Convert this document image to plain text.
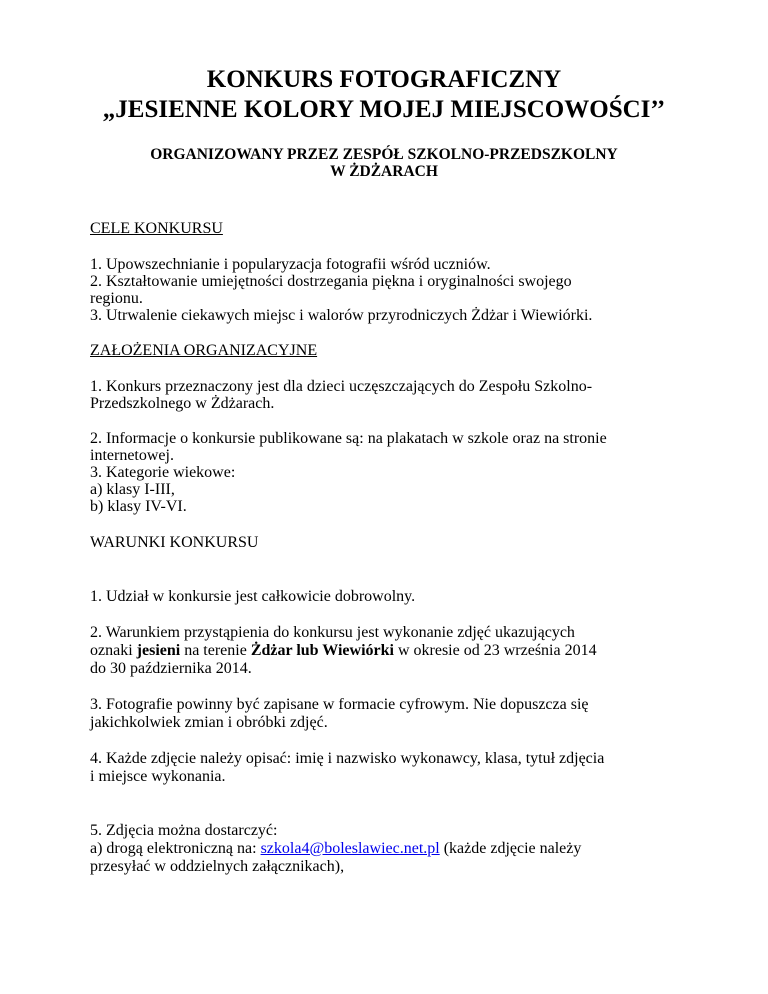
KONKURS FOTOGRAFICZNY
„JESIENNE KOLORY MOJEJ MIEJSCOWOŚCI’’
ORGANIZOWANY PRZEZ ZESPÓŁ SZKOLNO-PRZEDSZKOLNY
W ŻDŻARACH
CELE KONKURSU
1. Upowszechnianie i popularyzacja fotografii wśród uczniów.
2. Kształtowanie umiejętności dostrzegania piękna i oryginalności swojego
regionu.
3. Utrwalenie ciekawych miejsc i walorów przyrodniczych Żdżar i Wiewiórki.
ZAŁOŻENIA ORGANIZACYJNE
1. Konkurs przeznaczony jest dla dzieci uczęszczających do Zespołu Szkolno-
Przedszkolnego w Żdżarach.
2. Informacje o konkursie publikowane są: na plakatach w szkole oraz na stronie
internetowej.
3. Kategorie wiekowe:
a) klasy I-III,
b) klasy IV-VI.
WARUNKI KONKURSU
1. Udział w konkursie jest całkowicie dobrowolny.
2. Warunkiem przystąpienia do konkursu jest wykonanie zdjęć ukazujących
oznaki jesieni na terenie Żdżar lub Wiewiórki w okresie od 23 września 2014
do 30 października 2014.
3. Fotografie powinny być zapisane w formacie cyfrowym. Nie dopuszcza się
jakichkolwiek zmian i obróbki zdjęć.
4. Każde zdjęcie należy opisać: imię i nazwisko wykonawcy, klasa, tytuł zdjęcia
i miejsce wykonania.
5. Zdjęcia można dostarczyć:
a) drogą elektroniczną na: szkola4@boleslawiec.net.pl (każde zdjęcie należy
przesyłać w oddzielnych załącznikach),
